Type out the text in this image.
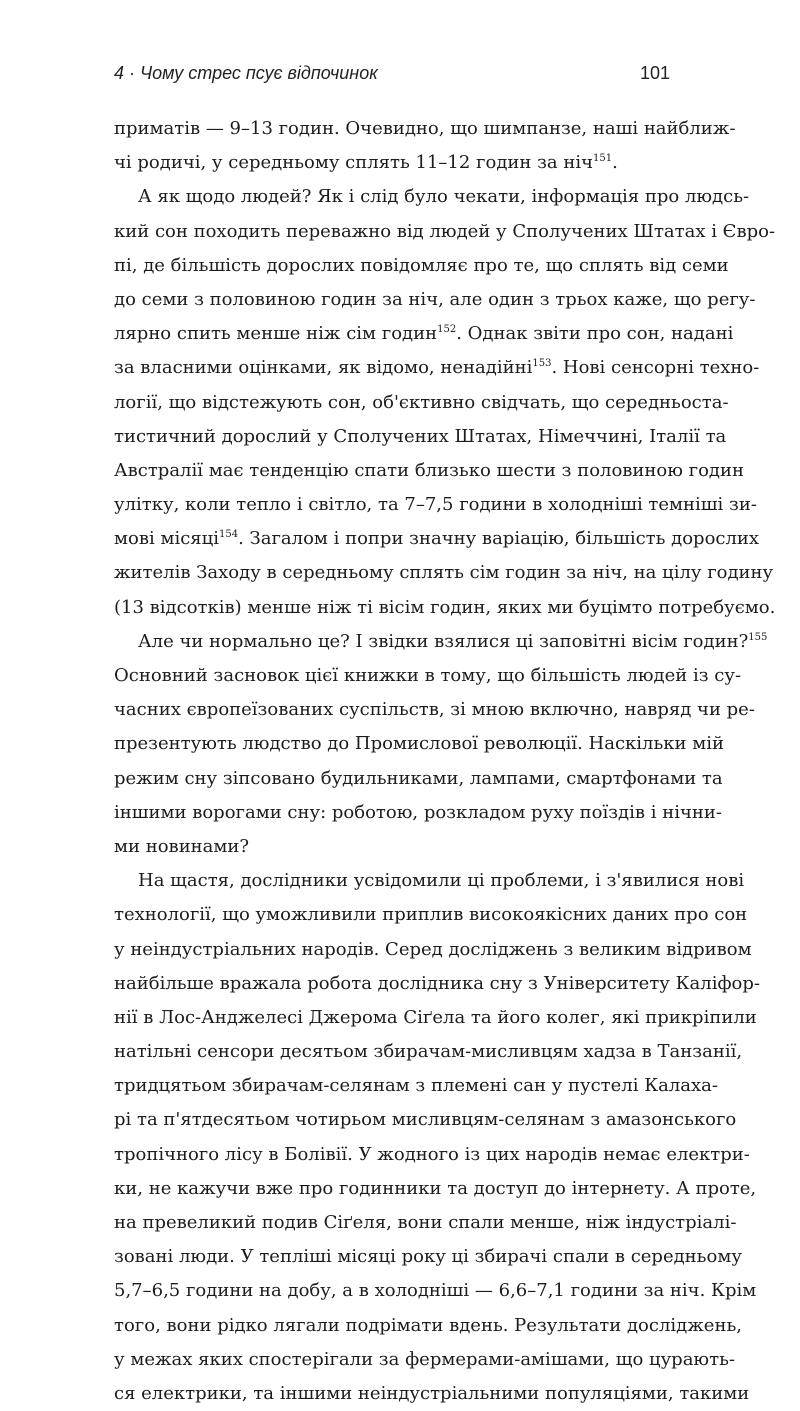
4 · Чому стрес псує відпочинок	101
приматів — 9–13 годин. Очевидно, що шимпанзе, наші найближ-
чі родичі, у середньому сплять 11–12 годин за ніч$^{151}$.
А як щодо людей? Як і слід було чекати, інформація про людсь-
кий сон походить переважно від людей у Сполучених Штатах і Євро-
пі, де більшість дорослих повідомляє про те, що сплять від семи
до семи з половиною годин за ніч, але один з трьох каже, що регу-
лярно спить менше ніж сім годин$^{152}$. Однак звіти про сон, надані
за власними оцінками, як відомо, ненадійні$^{153}$. Нові сенсорні техно-
логії, що відстежують сон, об'єктивно свідчать, що середньоста-
тистичний дорослий у Сполучених Штатах, Німеччині, Італії та
Австралії має тенденцію спати близько шести з половиною годин
улітку, коли тепло і світло, та 7–7,5 години в холодніші темніші зи-
мові місяці$^{154}$. Загалом і попри значну варіацію, більшість дорослих
жителів Заходу в середньому сплять сім годин за ніч, на цілу годину
(13 відсотків) менше ніж ті вісім годин, яких ми буцімто потребуємо.
Але чи нормально це? І звідки взялися ці заповітні вісім годин?$^{155}$
Основний засновок цієї книжки в тому, що більшість людей із су-
часних європеїзованих суспільств, зі мною включно, навряд чи ре-
презентують людство до Промислової революції. Наскільки мій
режим сну зіпсовано будильниками, лампами, смартфонами та
іншими ворогами сну: роботою, розкладом руху поїздів і нічни-
ми новинами?
На щастя, дослідники усвідомили ці проблеми, і з'явилися нові
технології, що уможливили приплив високоякісних даних про сон
у неіндустріальних народів. Серед досліджень з великим відривом
найбільше вражала робота дослідника сну з Університету Каліфор-
нії в Лос-Анджелесі Джерома Сіґела та його колег, які прикріпили
натільні сенсори десятьом збирачам-мисливцям хадза в Танзанії,
тридцятьом збирачам-селянам з племені сан у пустелі Калаха-
рі та п'ятдесятьом чотирьом мисливцям-селянам з амазонського
тропічного лісу в Болівії. У жодного із цих народів немає електри-
ки, не кажучи вже про годинники та доступ до інтернету. А проте,
на превеликий подив Сіґеля, вони спали менше, ніж індустріалі-
зовані люди. У тепліші місяці року ці збирачі спали в середньому
5,7–6,5 години на добу, а в холодніші — 6,6–7,1 години за ніч. Крім
того, вони рідко лягали подрімати вдень. Результати досліджень,
у межах яких спостерігали за фермерами-амішами, що цурають-
ся електрики, та іншими неіндустріальними популяціями, такими
